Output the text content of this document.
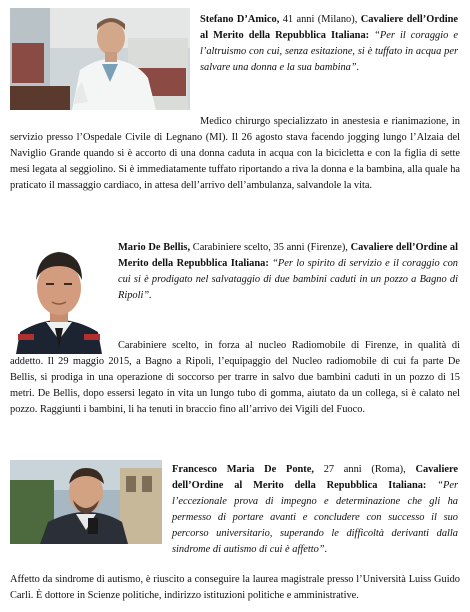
Stefano D’Amico, 41 anni (Milano), Cavaliere dell’Ordine al Merito della Repubblica Italiana: “Per il coraggio e l’altruismo con cui, senza esitazione, si è tuffato in acqua per salvare una donna e la sua bambina”.

Medico chirurgo specializzato in anestesia e rianimazione, in servizio presso l’Ospedale Civile di Legnano (MI). Il 26 agosto stava facendo jogging lungo l’Alzaia del Naviglio Grande quando si è accorto di una donna caduta in acqua con la bicicletta e con la figlia di sette mesi legata al seggiolino. Si è immediatamente tuffato riportando a riva la donna e la bambina, alla quale ha praticato il massaggio cardiaco, in attesa dell’arrivo dell’ambulanza, salvandole la vita.

Mario De Bellis, Carabiniere scelto, 35 anni (Firenze), Cavaliere dell’Ordine al Merito della Repubblica Italiana: “Per lo spirito di servizio e il coraggio con cui si è prodigato nel salvataggio di due bambini caduti in un pozzo a Bagno di Ripoli”.

Carabiniere scelto, in forza al nucleo Radiomobile di Firenze, in qualità di addetto. Il 29 maggio 2015, a Bagno a Ripoli, l’equipaggio del Nucleo radiomobile di cui fa parte De Bellis, si prodiga in una operazione di soccorso per trarre in salvo due bambini caduti in un pozzo di 15 metri. De Bellis, dopo essersi legato in vita un lungo tubo di gomma, aiutato da un collega, si è calato nel pozzo. Raggiunti i bambini, li ha tenuti in braccio fino all’arrivo dei Vigili del Fuoco.

Francesco Maria De Ponte, 27 anni (Roma), Cavaliere dell’Ordine al Merito della Repubblica Italiana: “Per l’eccezionale prova di impegno e determinazione che gli ha permesso di portare avanti e concludere con successo il suo percorso universitario, superando le difficoltà derivanti dalla sindrome di autismo di cui è affetto”.

Affetto da sindrome di autismo, è riuscito a conseguire la laurea magistrale presso l’Università Luiss Guido Carli. È dottore in Scienze politiche, indirizzo istituzioni politiche e amministrative.
